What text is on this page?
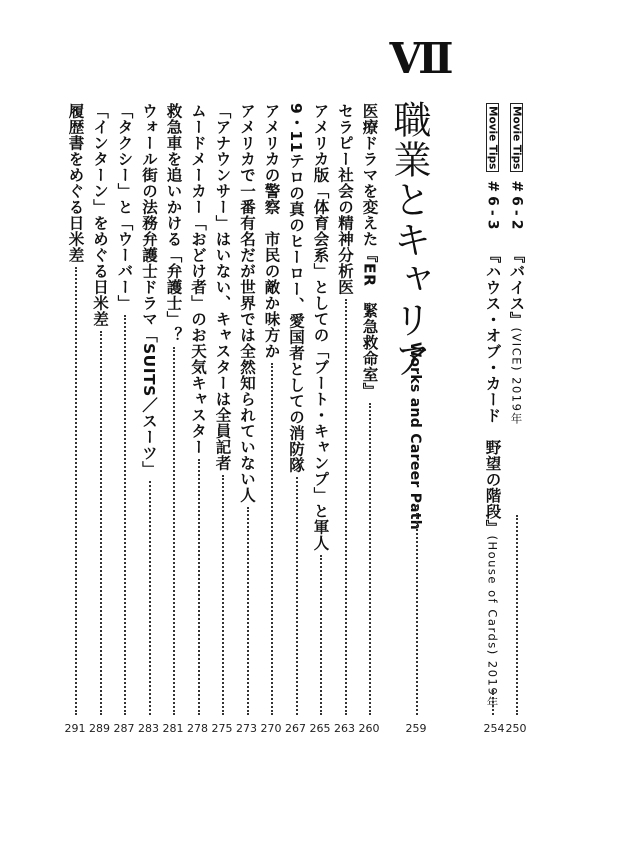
Movie Tips#6-2『バイス』(VICE) 2019年
250
Movie Tips#6-3『ハウス・オブ・カード　野望の階段』(House of Cards) 2019年
254
Ⅶ
職業とキャリア
Works and Career Path
259
医療ドラマを変えた『ER　緊急救命室』
260
セラピー社会の精神分析医
263
アメリカ版「体育会系」としての「ブート・キャンプ」と軍人
265
9・11テロの真のヒーロー、愛国者としての消防隊
267
アメリカの警察　市民の敵か味方か
270
アメリカで一番有名だが世界では全然知られていない人
273
「アナウンサー」はいない、キャスターは全員記者
275
ムードメーカー「おどけ者」のお天気キャスター
278
救急車を追いかける「弁護士」？
281
ウォール街の法務弁護士ドラマ「SUITS／スーツ」
283
「タクシー」と「ウーバー」
287
「インターン」をめぐる日米差
289
履歴書をめぐる日米差
291
